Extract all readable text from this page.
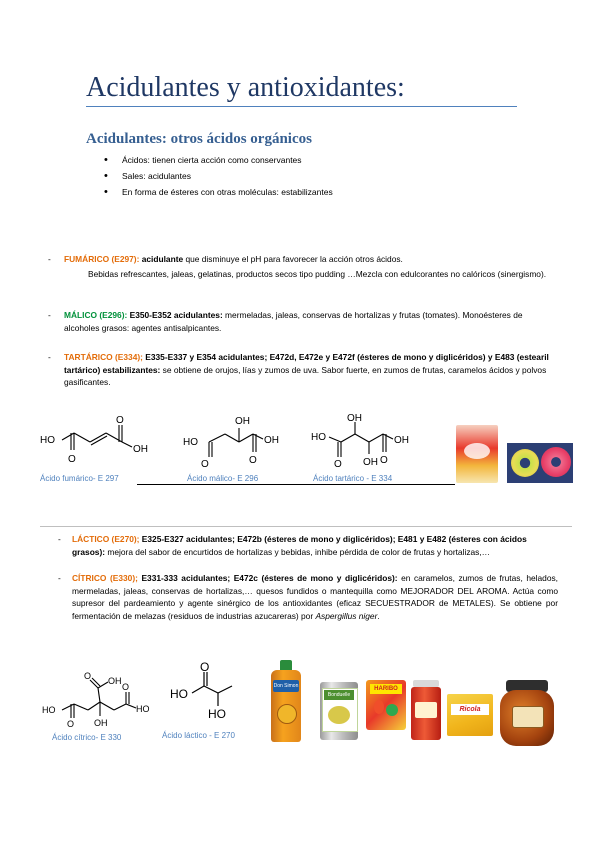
Acidulantes y antioxidantes:
Acidulantes: otros ácidos orgánicos
• Ácidos: tienen cierta acción como conservantes
• Sales: acidulantes
• En forma de ésteres con otras moléculas: estabilizantes
-	FUMÁRICO (E297): acidulante que disminuye el pH para favorecer la acción otros ácidos.
Bebidas refrescantes, jaleas, gelatinas, productos secos tipo pudding …Mezcla con edulcorantes no calóricos (sinergismo).
-	MÁLICO (E296): E350-E352 acidulantes: mermeladas, jaleas, conservas de hortalizas y frutas (tomates). Monoésteres de alcoholes grasos: agentes antisalpicantes.
-	TARTÁRICO (E334); E335-E337 y E354 acidulantes; E472d, E472e y E472f (ésteres de mono y diglicéridos) y E483 (estearil tartárico) estabilizantes: se obtiene de orujos, lías y zumos de uva. Sabor fuerte, en zumos de frutas, caramelos ácidos y polvos gasificantes.
HO
O
OH
O
Ácido fumárico- E 297
O
OH
HO	OH
O
Ácido málico- E 296
OH
O
HO
OH O
OH
Ácido tartárico - E 334
-	LÁCTICO (E270); E325-E327 acidulantes; E472b (ésteres de mono y diglicéridos); E481 y E482 (ésteres con ácidos grasos): mejora del sabor de encurtidos de hortalizas y bebidas, inhibe pérdida de color de frutas y hortalizas,…
-	CÍTRICO (E330); E331-333 acidulantes; E472c (ésteres de mono y diglicéridos): en caramelos, zumos de frutas, helados, mermeladas, jaleas, conservas de hortalizas,… quesos fundidos o mantequilla como MEJORADOR DEL AROMA. Actúa como supresor del pardeamiento y agente sinérgico de los antioxidantes (eficaz SECUESTRADOR de METALES). Se obtiene por fermentación de melazas (residuos de industrias azucareras) por Aspergillus niger.
O OH
HO
O OH
HO
O
Ácido cítrico- E 330
O
HO
HO
Ácido láctico - E 270
Don Simon
Bonduelle
HARIBO
Ricola
